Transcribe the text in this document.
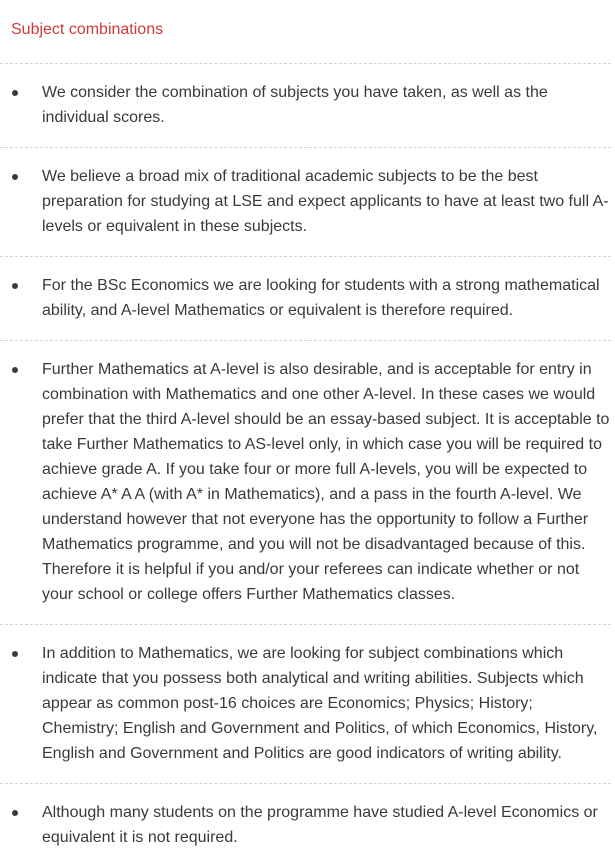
Subject combinations

We consider the combination of subjects you have taken, as well as the individual scores.

We believe a broad mix of traditional academic subjects to be the best preparation for studying at LSE and expect applicants to have at least two full A-levels or equivalent in these subjects.

For the BSc Economics we are looking for students with a strong mathematical ability, and A-level Mathematics or equivalent is therefore required.

Further Mathematics at A-level is also desirable, and is acceptable for entry in combination with Mathematics and one other A-level. In these cases we would prefer that the third A-level should be an essay-based subject. It is acceptable to take Further Mathematics to AS-level only, in which case you will be required to achieve grade A. If you take four or more full A-levels, you will be expected to achieve A* A A (with A* in Mathematics), and a pass in the fourth A-level. We understand however that not everyone has the opportunity to follow a Further Mathematics programme, and you will not be disadvantaged because of this. Therefore it is helpful if you and/or your referees can indicate whether or not your school or college offers Further Mathematics classes.

In addition to Mathematics, we are looking for subject combinations which indicate that you possess both analytical and writing abilities. Subjects which appear as common post-16 choices are Economics; Physics; History; Chemistry; English and Government and Politics, of which Economics, History, English and Government and Politics are good indicators of writing ability.

Although many students on the programme have studied A-level Economics or equivalent it is not required.
